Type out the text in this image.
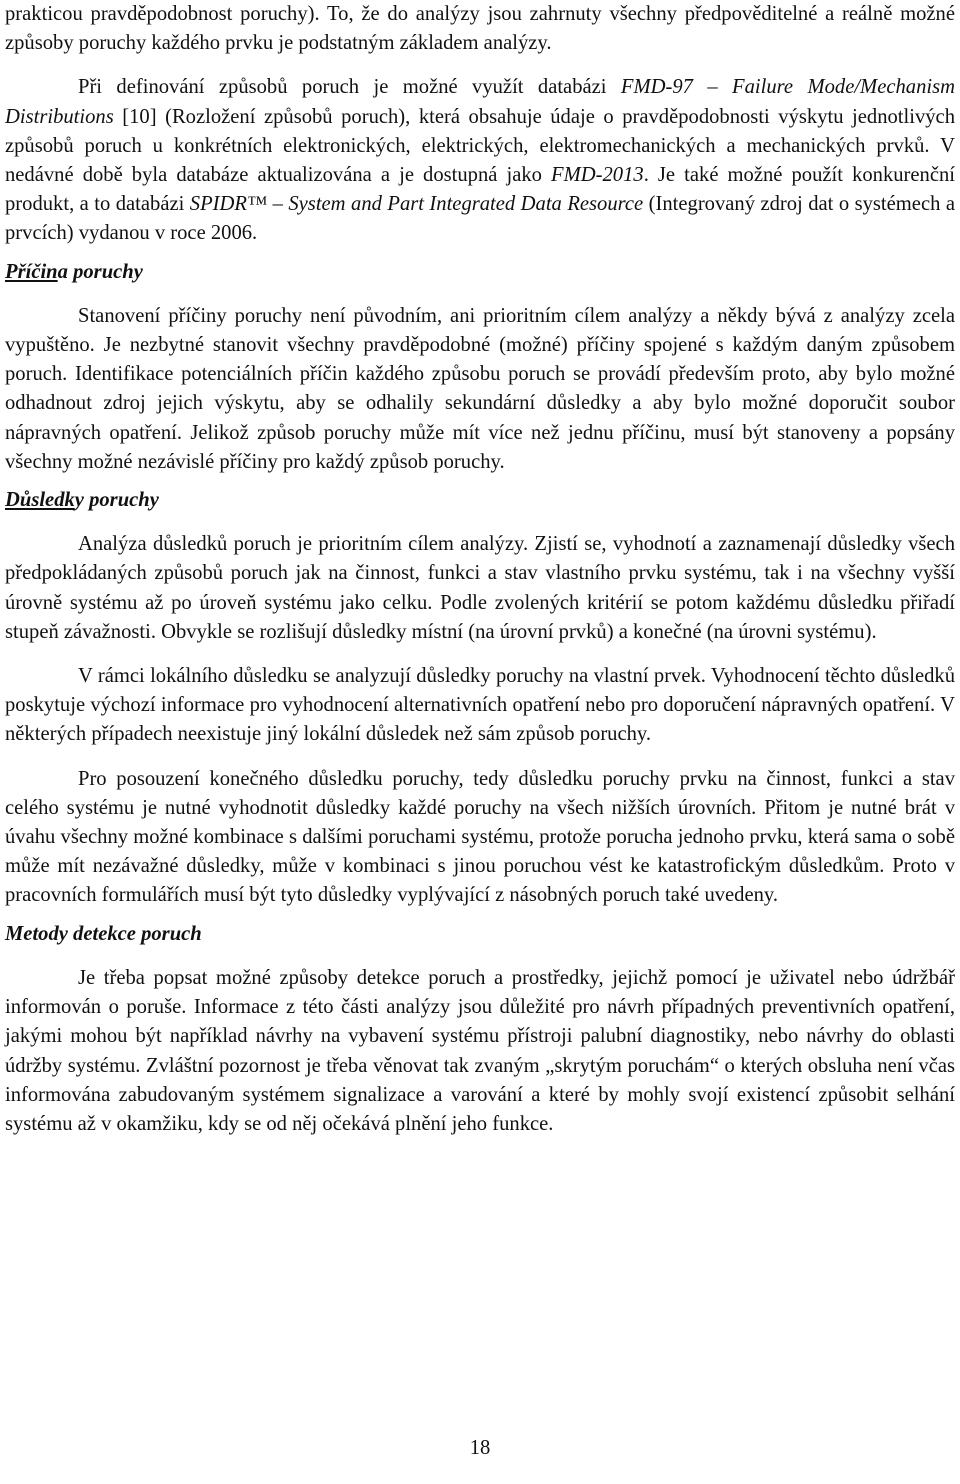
prakticou pravděpodobnost poruchy). To, že do analýzy jsou zahrnuty všechny předpověditelné a reálně možné způsoby poruchy každého prvku je podstatným základem analýzy.

Při definování způsobů poruch je možné využít databázi FMD-97 – Failure Mode/Mechanism Distributions [10] (Rozložení způsobů poruch), která obsahuje údaje o pravděpodobnosti výskytu jednotlivých způsobů poruch u konkrétních elektronických, elektrických, elektromechanických a mechanických prvků. V nedávné době byla databáze aktualizována a je dostupná jako FMD-2013. Je také možné použít konkurenční produkt, a to databázi SPIDR™ – System and Part Integrated Data Resource (Integrovaný zdroj dat o systémech a prvcích) vydanou v roce 2006.

Příčina poruchy

Stanovení příčiny poruchy není původním, ani prioritním cílem analýzy a někdy bývá z analýzy zcela vypuštěno. Je nezbytné stanovit všechny pravděpodobné (možné) příčiny spojené s každým daným způsobem poruch. Identifikace potenciálních příčin každého způsobu poruch se provádí především proto, aby bylo možné odhadnout zdroj jejich výskytu, aby se odhalily sekundární důsledky a aby bylo možné doporučit soubor nápravných opatření. Jelikož způsob poruchy může mít více než jednu příčinu, musí být stanoveny a popsány všechny možné nezávislé příčiny pro každý způsob poruchy.

Důsledky poruchy

Analýza důsledků poruch je prioritním cílem analýzy. Zjistí se, vyhodnotí a zaznamenají důsledky všech předpokládaných způsobů poruch jak na činnost, funkci a stav vlastního prvku systému, tak i na všechny vyšší úrovně systému až po úroveň systému jako celku. Podle zvolených kritérií se potom každému důsledku přiřadí stupeň závažnosti. Obvykle se rozlišují důsledky místní (na úrovní prvků) a konečné (na úrovni systému).

V rámci lokálního důsledku se analyzují důsledky poruchy na vlastní prvek. Vyhodnocení těchto důsledků poskytuje výchozí informace pro vyhodnocení alternativních opatření nebo pro doporučení nápravných opatření. V některých případech neexistuje jiný lokální důsledek než sám způsob poruchy.

Pro posouzení konečného důsledku poruchy, tedy důsledku poruchy prvku na činnost, funkci a stav celého systému je nutné vyhodnotit důsledky každé poruchy na všech nižších úrovních. Přitom je nutné brát v úvahu všechny možné kombinace s dalšími poruchami systému, protože porucha jednoho prvku, která sama o sobě může mít nezávažné důsledky, může v kombinaci s jinou poruchou vést ke katastrofickým důsledkům. Proto v pracovních formulářích musí být tyto důsledky vyplývající z násobných poruch také uvedeny.

Metody detekce poruch

Je třeba popsat možné způsoby detekce poruch a prostředky, jejichž pomocí je uživatel nebo údržbář informován o poruše. Informace z této části analýzy jsou důležité pro návrh případných preventivních opatření, jakými mohou být například návrhy na vybavení systému přístroji palubní diagnostiky, nebo návrhy do oblasti údržby systému. Zvláštní pozornost je třeba věnovat tak zvaným „skrytým poruchám“ o kterých obsluha není včas informována zabudovaným systémem signalizace a varování a které by mohly svojí existencí způsobit selhání systému až v okamžiku, kdy se od něj očekává plnění jeho funkce.

18
